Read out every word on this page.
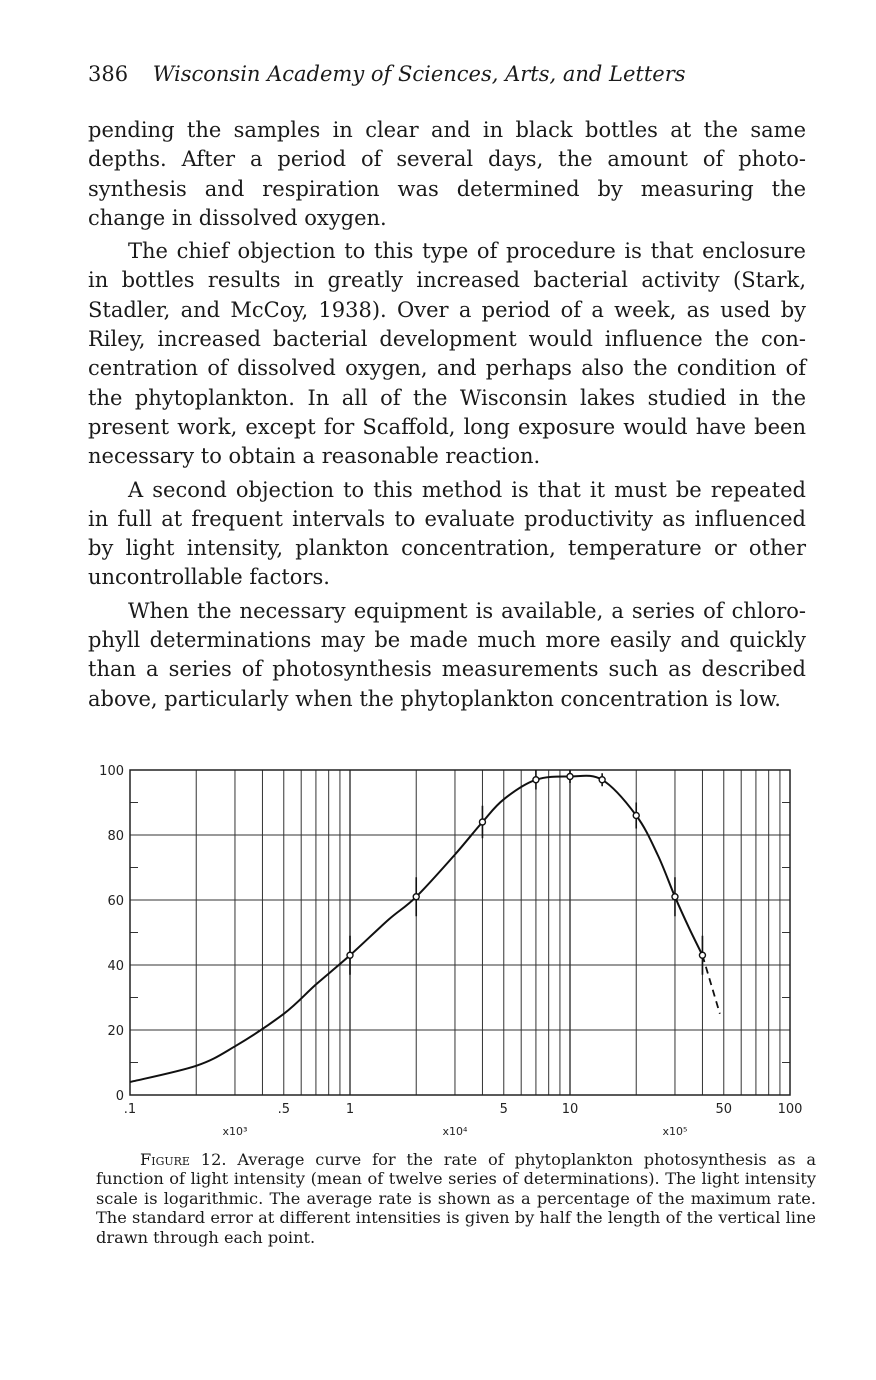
386 Wisconsin Academy of Sciences, Arts, and Letters

pending the samples in clear and in black bottles at the same depths. After a period of several days, the amount of photosynthesis and respiration was determined by measuring the change in dissolved oxygen.

The chief objection to this type of procedure is that enclosure in bottles results in greatly increased bacterial activity (Stark, Stadler, and McCoy, 1938). Over a period of a week, as used by Riley, increased bacterial development would influence the concentration of dissolved oxygen, and perhaps also the condition of the phytoplankton. In all of the Wisconsin lakes studied in the present work, except for Scaffold, long exposure would have been necessary to obtain a reasonable reaction.

A second objection to this method is that it must be repeated in full at frequent intervals to evaluate productivity as influenced by light intensity, plankton concentration, temperature or other uncontrollable factors.

When the necessary equipment is available, a series of chlorophyll determinations may be made much more easily and quickly than a series of photosynthesis measurements such as described above, particularly when the phytoplankton concentration is low.

0
20
40
60
80
100
.1	.5	1	5	10	50	100
x10³	x10⁴	x10⁵
Figure 12. Average curve for the rate of phytoplankton photosynthesis as a function of light intensity (mean of twelve series of determinations). The light intensity scale is logarithmic. The average rate is shown as a percentage of the maximum rate. The standard error at different intensities is given by half the length of the vertical line drawn through each point.
